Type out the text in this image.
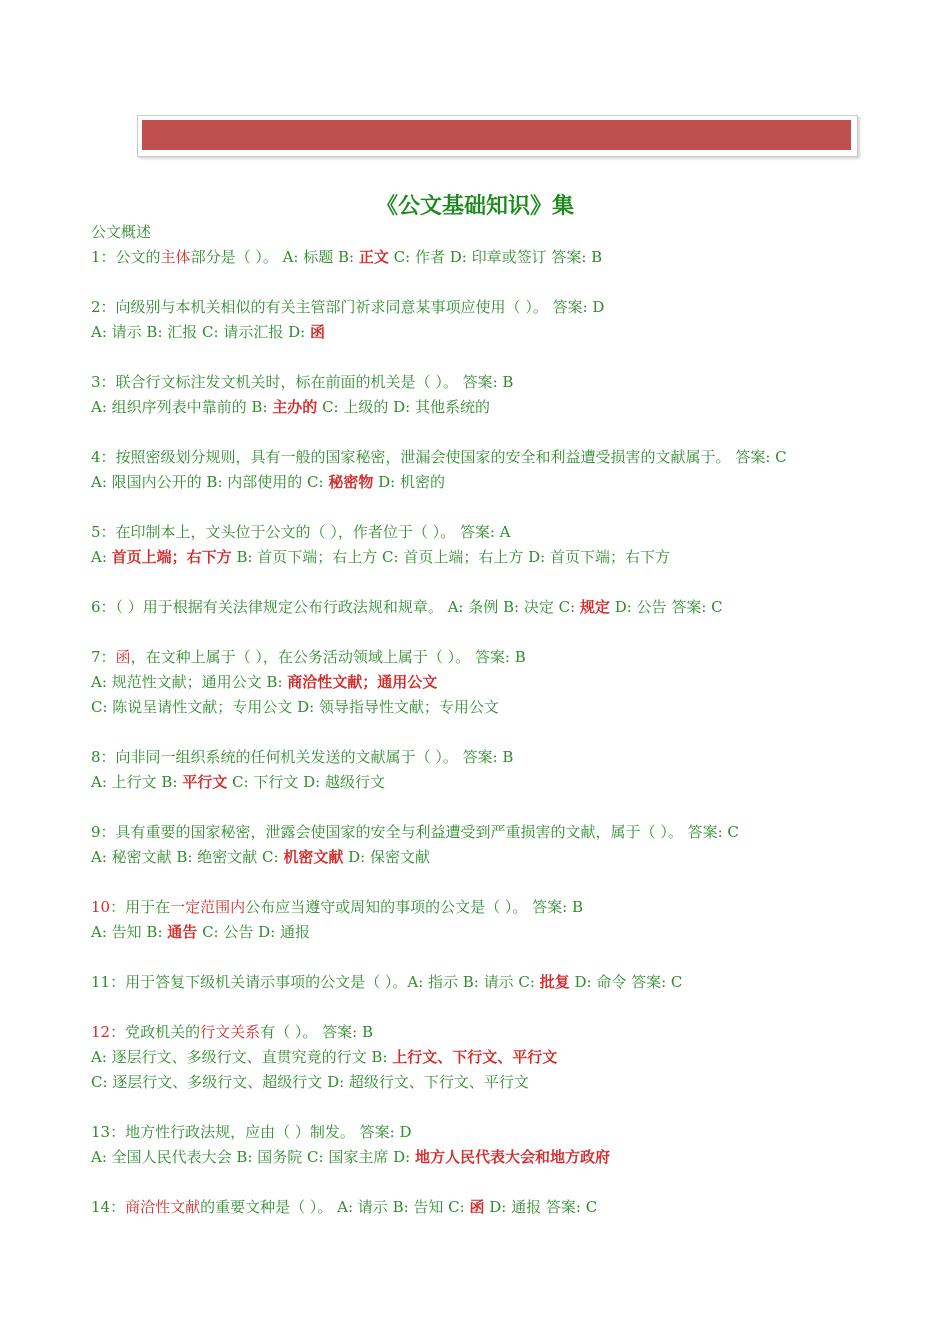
《公文基础知识》集
公文概述
1：公文的主体部分是（ ）。 A: 标题 B: 正文 C: 作者 D: 印章或签订 答案: B
2：向级别与本机关相似的有关主管部门祈求同意某事项应使用（ ）。 答案: D
A: 请示 B: 汇报 C: 请示汇报 D: 函
3：联合行文标注发文机关时，标在前面的机关是（ ）。 答案: B
A: 组织序列表中靠前的 B: 主办的 C: 上级的 D: 其他系统的
4：按照密级划分规则，具有一般的国家秘密，泄漏会使国家的安全和利益遭受损害的文献属于。 答案: C
A: 限国内公开的 B: 内部使用的 C: 秘密物 D: 机密的
5：在印制本上，文头位于公文的（ ），作者位于（ ）。 答案: A
A: 首页上端；右下方 B: 首页下端；右上方 C: 首页上端；右上方 D: 首页下端；右下方
6：（ ）用于根据有关法律规定公布行政法规和规章。 A: 条例 B: 决定 C: 规定 D: 公告 答案: C
7：函，在文种上属于（ ），在公务活动领域上属于（ ）。 答案: B
A: 规范性文献；通用公文 B: 商洽性文献；通用公文
C: 陈说呈请性文献；专用公文 D: 领导指导性文献；专用公文
8：向非同一组织系统的任何机关发送的文献属于（ ）。 答案: B
A: 上行文 B: 平行文 C: 下行文 D: 越级行文
9：具有重要的国家秘密，泄露会使国家的安全与利益遭受到严重损害的文献，属于（ ）。 答案: C
A: 秘密文献 B: 绝密文献 C: 机密文献 D: 保密文献
10：用于在一定范围内公布应当遵守或周知的事项的公文是（ ）。 答案: B
A: 告知 B: 通告 C: 公告 D: 通报
11：用于答复下级机关请示事项的公文是（ ）。A: 指示 B: 请示 C: 批复 D: 命令 答案: C
12：党政机关的行文关系有（ ）。 答案: B
A: 逐层行文、多级行文、直贯究竟的行文 B: 上行文、下行文、平行文
C: 逐层行文、多级行文、超级行文 D: 超级行文、下行文、平行文
13：地方性行政法规，应由（ ）制发。 答案: D
A: 全国人民代表大会 B: 国务院 C: 国家主席 D: 地方人民代表大会和地方政府
14：商洽性文献的重要文种是（ ）。 A: 请示 B: 告知 C: 函 D: 通报 答案: C
